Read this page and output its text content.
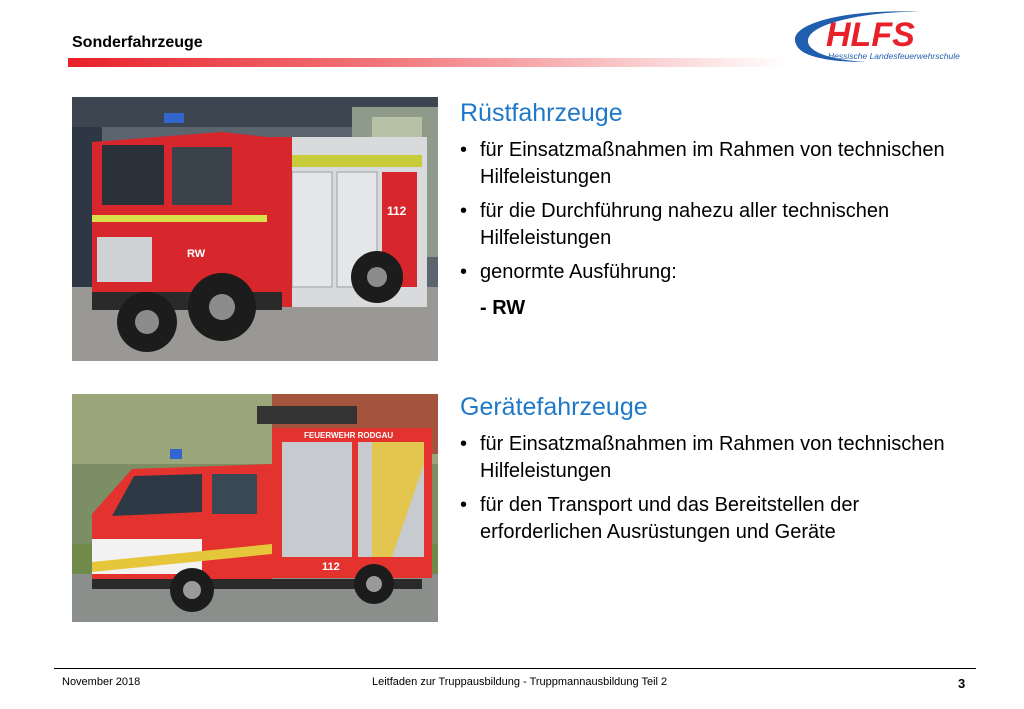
Sonderfahrzeuge	HLFS
Hessische Landesfeuerwehrschule
112
RW
FEUERWEHR RODGAU
112
Rüstfahrzeuge
• für Einsatzmaßnahmen im Rahmen von technischen Hilfeleistungen
• für die Durchführung nahezu aller technischen Hilfeleistungen
• genormte Ausführung:
- RW
Gerätefahrzeuge
• für Einsatzmaßnahmen im Rahmen von technischen Hilfeleistungen
• für den Transport und das Bereitstellen der erforderlichen Ausrüstungen und Geräte
November 2018	Leitfaden zur Truppausbildung - Truppmannausbildung Teil 2	3
